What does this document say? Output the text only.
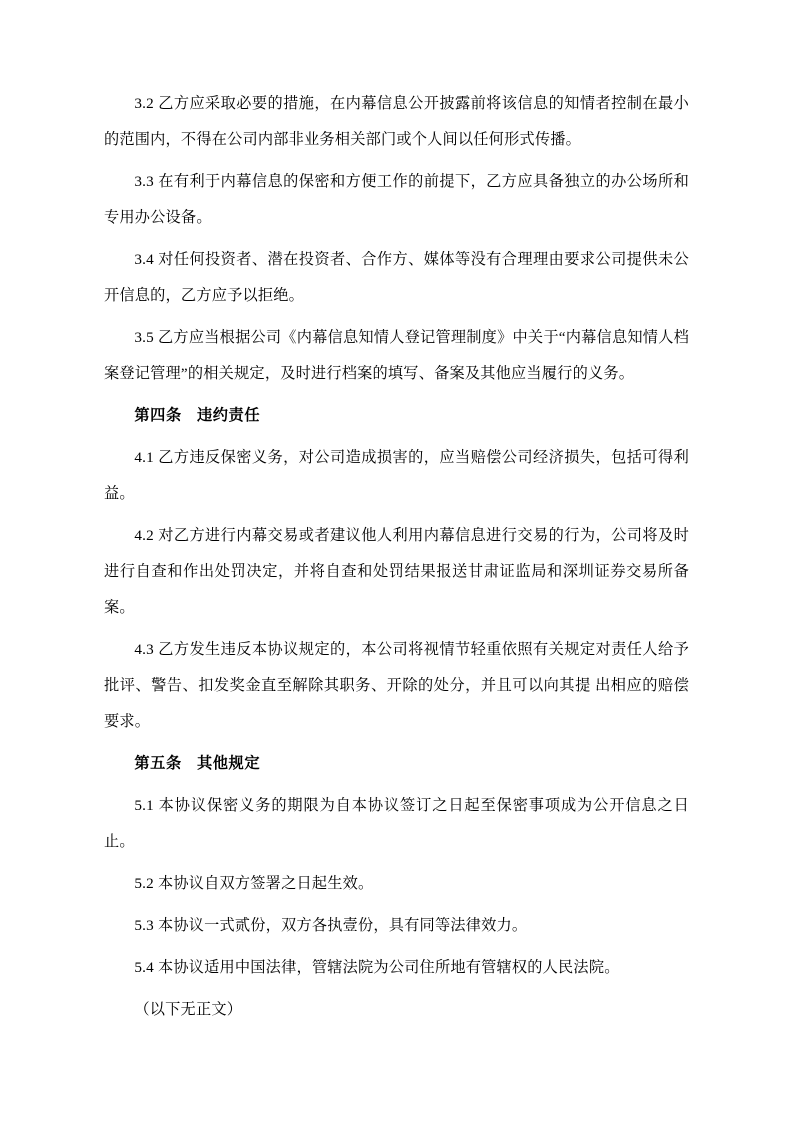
3.2 乙方应采取必要的措施，在内幕信息公开披露前将该信息的知情者控制在最小的范围内，不得在公司内部非业务相关部门或个人间以任何形式传播。

3.3 在有利于内幕信息的保密和方便工作的前提下，乙方应具备独立的办公场所和专用办公设备。

3.4 对任何投资者、潜在投资者、合作方、媒体等没有合理理由要求公司提供未公开信息的，乙方应予以拒绝。

3.5 乙方应当根据公司《内幕信息知情人登记管理制度》中关于“内幕信息知情人档案登记管理”的相关规定，及时进行档案的填写、备案及其他应当履行的义务。

第四条 违约责任

4.1 乙方违反保密义务，对公司造成损害的，应当赔偿公司经济损失，包括可得利益。

4.2 对乙方进行内幕交易或者建议他人利用内幕信息进行交易的行为，公司将及时进行自查和作出处罚决定，并将自查和处罚结果报送甘肃证监局和深圳证券交易所备案。

4.3 乙方发生违反本协议规定的，本公司将视情节轻重依照有关规定对责任人给予批评、警告、扣发奖金直至解除其职务、开除的处分，并且可以向其提 出相应的赔偿要求。

第五条 其他规定

5.1 本协议保密义务的期限为自本协议签订之日起至保密事项成为公开信息之日止。

5.2 本协议自双方签署之日起生效。

5.3 本协议一式贰份，双方各执壹份，具有同等法律效力。

5.4 本协议适用中国法律，管辖法院为公司住所地有管辖权的人民法院。

（以下无正文）
